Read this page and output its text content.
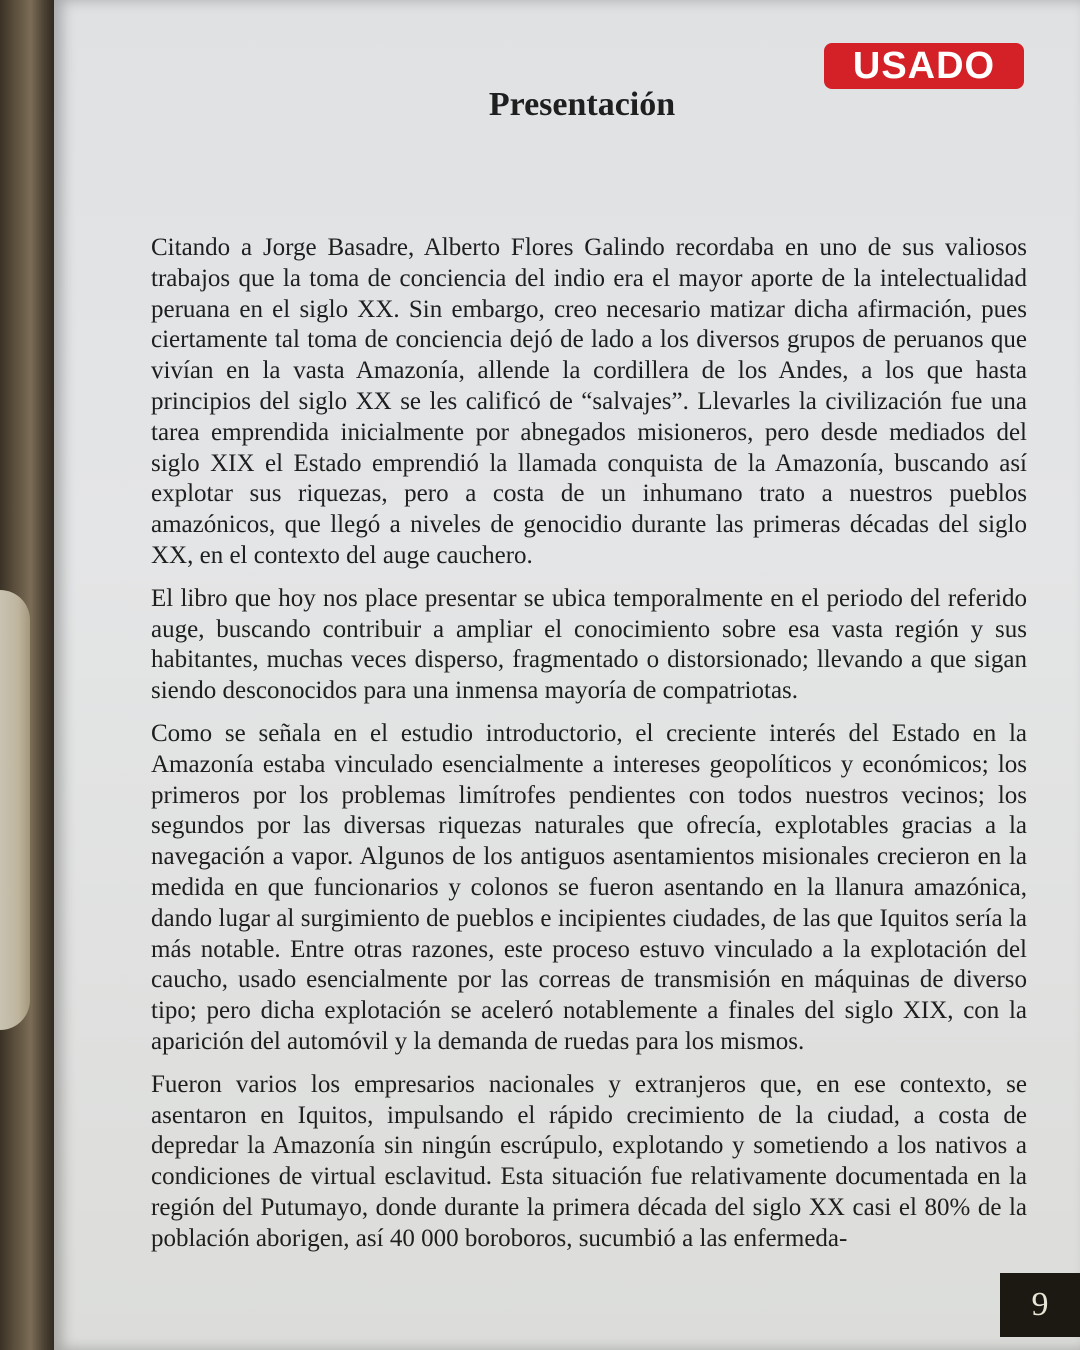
USADO
Presentación

Citando a Jorge Basadre, Alberto Flores Galindo recordaba en uno de sus valiosos trabajos que la toma de conciencia del indio era el mayor aporte de la intelectualidad peruana en el siglo XX. Sin embargo, creo necesario matizar dicha afirmación, pues ciertamente tal toma de conciencia dejó de lado a los diversos grupos de peruanos que vivían en la vasta Amazonía, allende la cordillera de los Andes, a los que hasta principios del siglo XX se les calificó de “salvajes”. Llevarles la civilización fue una tarea emprendida inicialmente por abnegados misioneros, pero desde mediados del siglo XIX el Estado emprendió la llamada conquista de la Amazonía, buscando así explotar sus riquezas, pero a costa de un inhumano trato a nuestros pueblos amazónicos, que llegó a niveles de genocidio durante las primeras décadas del siglo XX, en el contexto del auge cauchero.

El libro que hoy nos place presentar se ubica temporalmente en el periodo del referido auge, buscando contribuir a ampliar el conocimiento sobre esa vasta región y sus habitantes, muchas veces disperso, fragmentado o distorsionado; llevando a que sigan siendo desconocidos para una inmensa mayoría de compatriotas.

Como se señala en el estudio introductorio, el creciente interés del Estado en la Amazonía estaba vinculado esencialmente a intereses geopolíticos y económicos; los primeros por los problemas limítrofes pendientes con todos nuestros vecinos; los segundos por las diversas riquezas naturales que ofrecía, explotables gracias a la navegación a vapor. Algunos de los antiguos asentamientos misionales crecieron en la medida en que funcionarios y colonos se fueron asentando en la llanura amazónica, dando lugar al surgimiento de pueblos e incipientes ciudades, de las que Iquitos sería la más notable. Entre otras razones, este proceso estuvo vinculado a la explotación del caucho, usado esencialmente por las correas de transmisión en máquinas de diverso tipo; pero dicha explotación se aceleró notablemente a finales del siglo XIX, con la aparición del automóvil y la demanda de ruedas para los mismos.

Fueron varios los empresarios nacionales y extranjeros que, en ese contexto, se asentaron en Iquitos, impulsando el rápido crecimiento de la ciudad, a costa de depredar la Amazonía sin ningún escrúpulo, explotando y sometiendo a los nativos a condiciones de virtual esclavitud. Esta situación fue relativamente documentada en la región del Putumayo, donde durante la primera década del siglo XX casi el 80% de la población aborigen, así 40 000 boroboros, sucumbió a las enfermeda-

9
